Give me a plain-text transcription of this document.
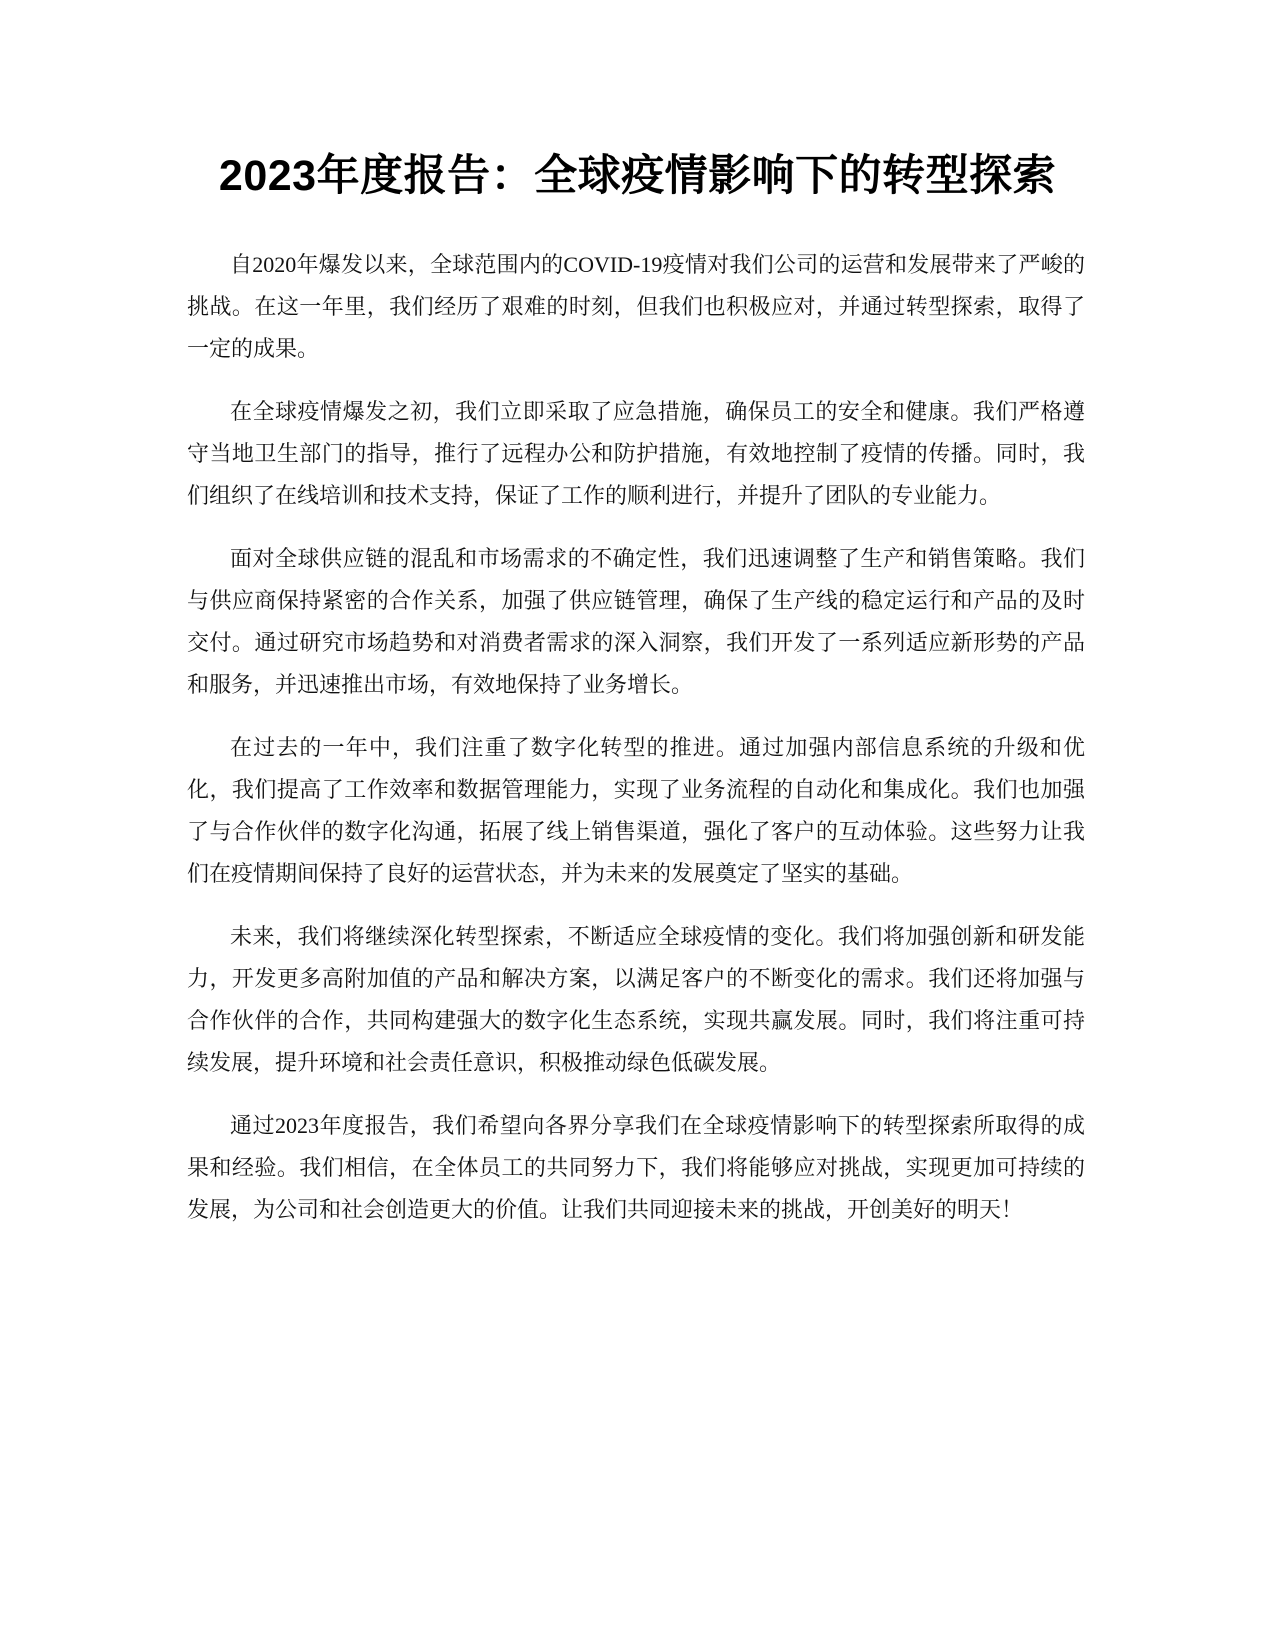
2023年度报告：全球疫情影响下的转型探索

自2020年爆发以来，全球范围内的COVID-19疫情对我们公司的运营和发展带来了严峻的挑战。在这一年里，我们经历了艰难的时刻，但我们也积极应对，并通过转型探索，取得了一定的成果。

在全球疫情爆发之初，我们立即采取了应急措施，确保员工的安全和健康。我们严格遵守当地卫生部门的指导，推行了远程办公和防护措施，有效地控制了疫情的传播。同时，我们组织了在线培训和技术支持，保证了工作的顺利进行，并提升了团队的专业能力。

面对全球供应链的混乱和市场需求的不确定性，我们迅速调整了生产和销售策略。我们与供应商保持紧密的合作关系，加强了供应链管理，确保了生产线的稳定运行和产品的及时交付。通过研究市场趋势和对消费者需求的深入洞察，我们开发了一系列适应新形势的产品和服务，并迅速推出市场，有效地保持了业务增长。

在过去的一年中，我们注重了数字化转型的推进。通过加强内部信息系统的升级和优化，我们提高了工作效率和数据管理能力，实现了业务流程的自动化和集成化。我们也加强了与合作伙伴的数字化沟通，拓展了线上销售渠道，强化了客户的互动体验。这些努力让我们在疫情期间保持了良好的运营状态，并为未来的发展奠定了坚实的基础。

未来，我们将继续深化转型探索，不断适应全球疫情的变化。我们将加强创新和研发能力，开发更多高附加值的产品和解决方案，以满足客户的不断变化的需求。我们还将加强与合作伙伴的合作，共同构建强大的数字化生态系统，实现共赢发展。同时，我们将注重可持续发展，提升环境和社会责任意识，积极推动绿色低碳发展。

通过2023年度报告，我们希望向各界分享我们在全球疫情影响下的转型探索所取得的成果和经验。我们相信，在全体员工的共同努力下，我们将能够应对挑战，实现更加可持续的发展，为公司和社会创造更大的价值。让我们共同迎接未来的挑战，开创美好的明天！
